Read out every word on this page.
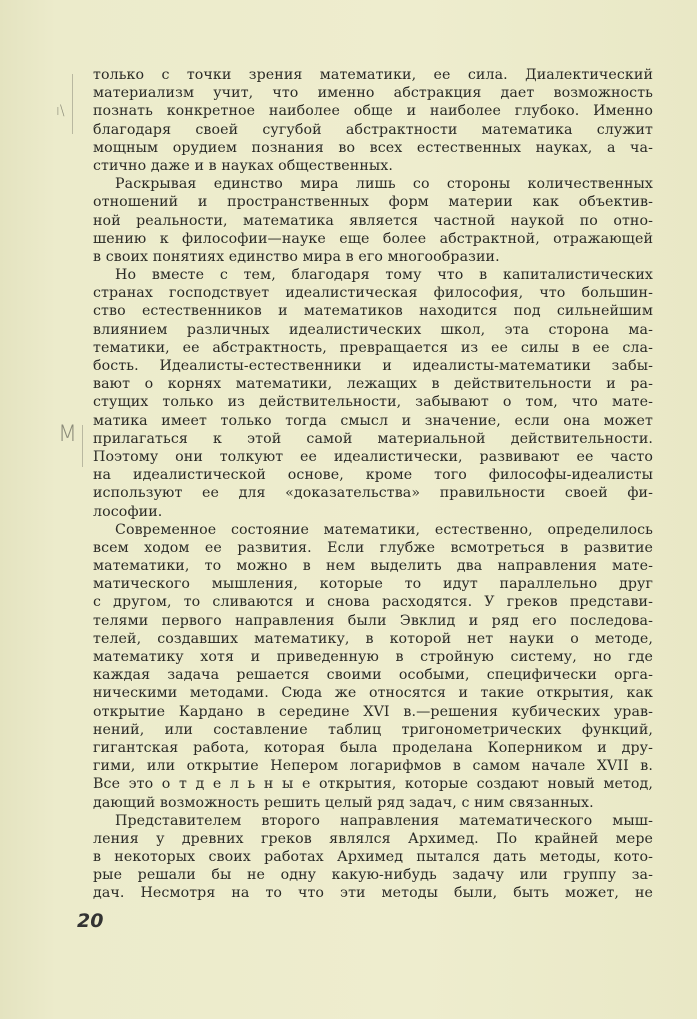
ı\
M
только с точки зрения математики, ее сила. Диалектический
материализм учит, что именно абстракция дает возможность
познать конкретное наиболее обще и наиболее глубоко. Именно
благодаря своей сугубой абстрактности математика служит
мощным орудием познания во всех естественных науках, а ча-
стично даже и в науках общественных.
Раскрывая единство мира лишь со стороны количественных
отношений и пространственных форм материи как объектив-
ной реальности, математика является частной наукой по отно-
шению к философии—науке еще более абстрактной, отражающей
в своих понятиях единство мира в его многообразии.
Но вместе с тем, благодаря тому что в капиталистических
странах господствует идеалистическая философия, что большин-
ство естественников и математиков находится под сильнейшим
влиянием различных идеалистических школ, эта сторона ма-
тематики, ее абстрактность, превращается из ее силы в ее сла-
бость. Идеалисты-естественники и идеалисты-математики забы-
вают о корнях математики, лежащих в действительности и ра-
стущих только из действительности, забывают о том, что мате-
матика имеет только тогда смысл и значение, если она может
прилагаться к этой самой материальной действительности.
Поэтому они толкуют ее идеалистически, развивают ее часто
на идеалистической основе, кроме того философы-идеалисты
используют ее для «доказательства» правильности своей фи-
лософии.
Современное состояние математики, естественно, определилось
всем ходом ее развития. Если глубже всмотреться в развитие
математики, то можно в нем выделить два направления мате-
матического мышления, которые то идут параллельно друг
с другом, то сливаются и снова расходятся. У греков представи-
телями первого направления были Эвклид и ряд его последова-
телей, создавших математику, в которой нет науки о методе,
математику хотя и приведенную в стройную систему, но где
каждая задача решается своими особыми, специфически орга-
ническими методами. Сюда же относятся и такие открытия, как
открытие Кардано в середине XVI в.—решения кубических урав-
нений, или составление таблиц тригонометрических функций,
гигантская работа, которая была проделана Коперником и дру-
гими, или открытие Непером логарифмов в самом начале XVII в.
Все это о т д е л ь н ы е открытия, которые создают новый метод,
дающий возможность решить целый ряд задач, с ним связанных.
Представителем второго направления математического мыш-
ления у древних греков являлся Архимед. По крайней мере
в некоторых своих работах Архимед пытался дать методы, кото-
рые решали бы не одну какую-нибудь задачу или группу за-
дач. Несмотря на то что эти методы были, быть может, не
20
